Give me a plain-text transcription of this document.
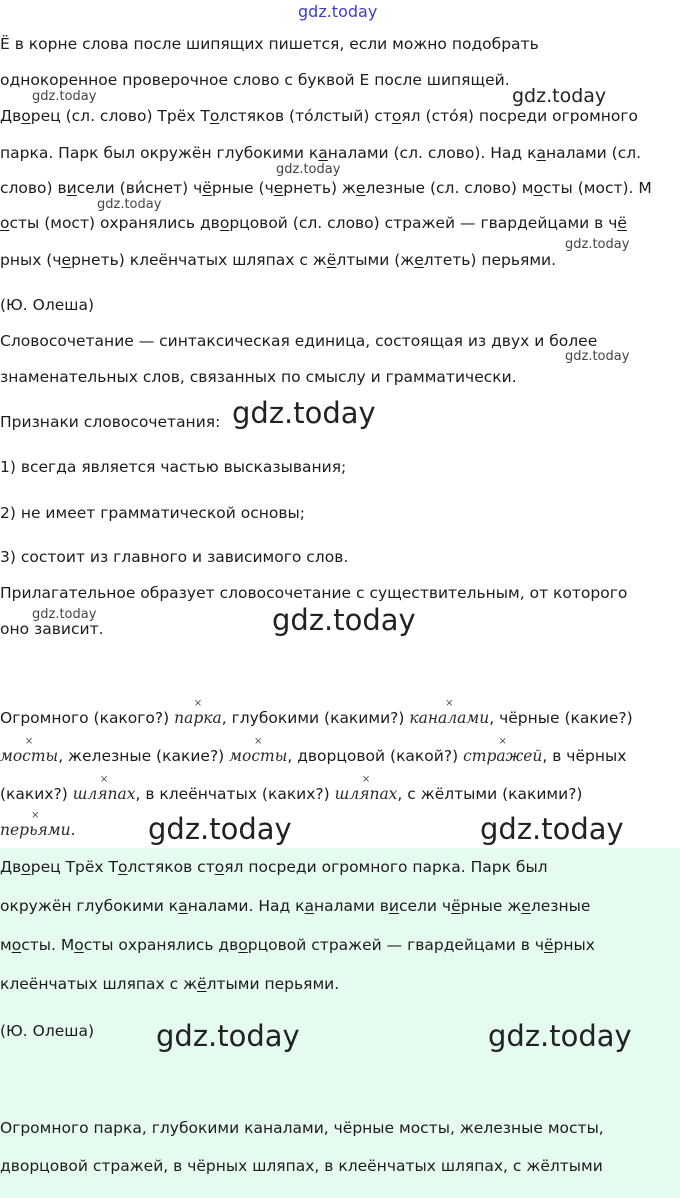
gdz.today
gdz.today	gdz.today
gdz.today
gdz.today
gdz.today
gdz.today
gdz.today
gdz.today	gdz.today
gdz.today	gdz.today
gdz.today	gdz.today
Ё в корне слова после шипящих пишется, если можно подобрать
однокоренное проверочное слово с буквой Е после шипящей.
Дворец (сл. слово) Трёх Толстяков (то́лстый) стоял (сто́я) посреди огромного
парка. Парк был окружён глубокими каналами (сл. слово). Над каналами (сл.
слово) висели (ви́снет) чёрные (чернеть) железные (сл. слово) мосты (мост). М
осты (мост) охранялись дворцовой (сл. слово) стражей — гвардейцами в чё
рных (чернеть) клеёнчатых шляпах с жёлтыми (желтеть) перьями.
(Ю. Олеша)
Словосочетание — синтаксическая единица, состоящая из двух и более
знаменательных слов, связанных по смыслу и грамматически.
Признаки словосочетания:
1) всегда является частью высказывания;
2) не имеет грамматической основы;
3) состоит из главного и зависимого слов.
Прилагательное образует словосочетание с существительным, от которого
оно зависит.
Огромного (какого?) × парка, глубокими (какими?) × каналами, чёрные (какие?)
× мосты, железные (какие?) × мосты, дворцовой (какой?) × стражей, в чёрных
(каких?) × шляпах, в клеёнчатых (каких?) × шляпах, с жёлтыми (какими?)
× перьями.
Дворец Трёх Толстяков стоял посреди огромного парка. Парк был
окружён глубокими каналами. Над каналами висели чёрные железные
мосты. Мосты охранялись дворцовой стражей — гвардейцами в чёрных
клеёнчатых шляпах с жёлтыми перьями.
(Ю. Олеша)
Огромного парка, глубокими каналами, чёрные мосты, железные мосты,
дворцовой стражей, в чёрных шляпах, в клеёнчатых шляпах, с жёлтыми
